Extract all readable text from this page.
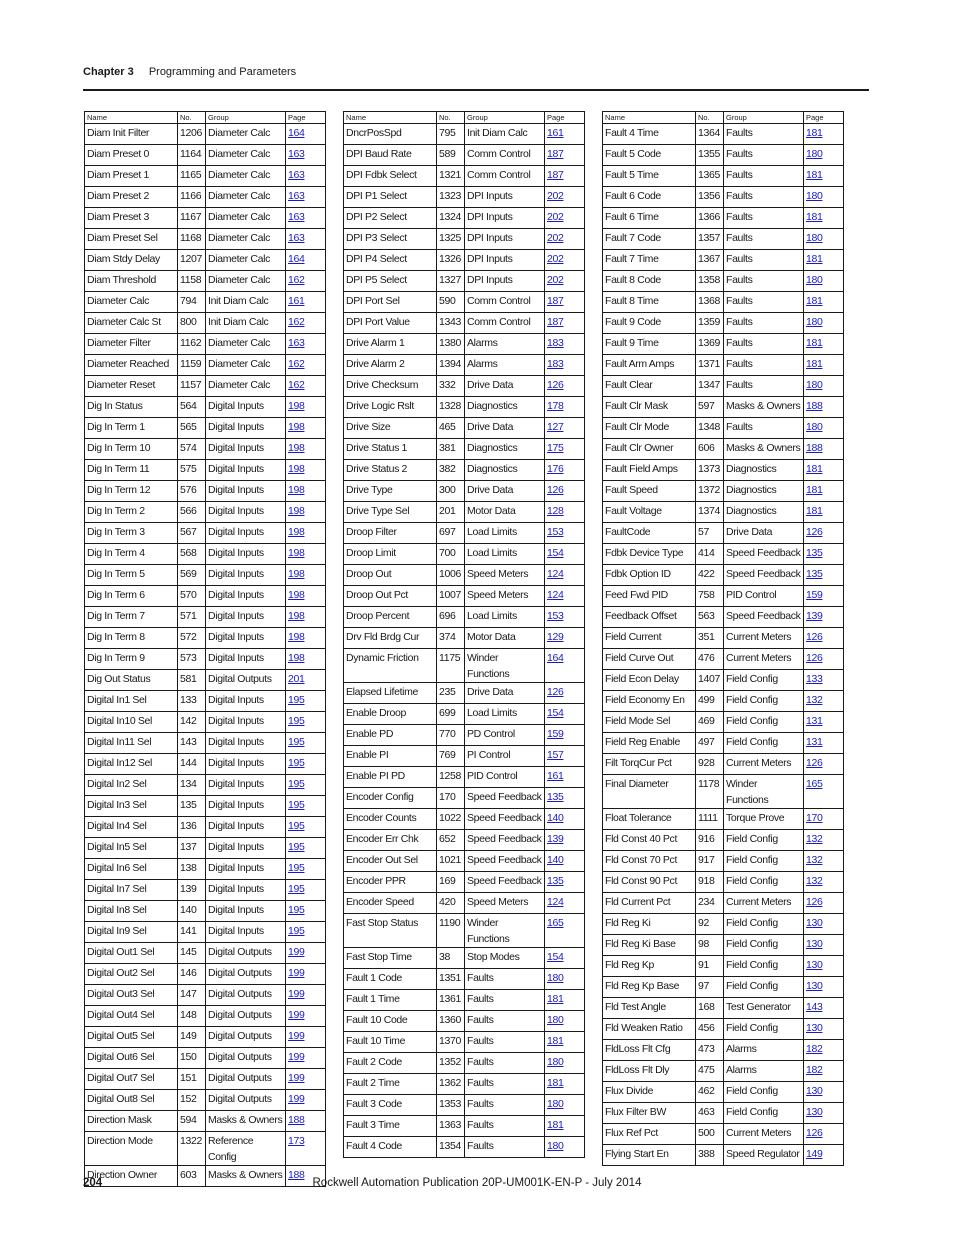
Chapter 3 Programming and Parameters
Name	No.	Group	Page
Diam Init Filter	1206	Diameter Calc	164
Diam Preset 0	1164	Diameter Calc	163
Diam Preset 1	1165	Diameter Calc	163
Diam Preset 2	1166	Diameter Calc	163
Diam Preset 3	1167	Diameter Calc	163
Diam Preset Sel	1168	Diameter Calc	163
Diam Stdy Delay	1207	Diameter Calc	164
Diam Threshold	1158	Diameter Calc	162
Diameter Calc	794	Init Diam Calc	161
Diameter Calc St	800	Init Diam Calc	162
Diameter Filter	1162	Diameter Calc	163
Diameter Reached	1159	Diameter Calc	162
Diameter Reset	1157	Diameter Calc	162
Dig In Status	564	Digital Inputs	198
Dig In Term 1	565	Digital Inputs	198
Dig In Term 10	574	Digital Inputs	198
Dig In Term 11	575	Digital Inputs	198
Dig In Term 12	576	Digital Inputs	198
Dig In Term 2	566	Digital Inputs	198
Dig In Term 3	567	Digital Inputs	198
Dig In Term 4	568	Digital Inputs	198
Dig In Term 5	569	Digital Inputs	198
Dig In Term 6	570	Digital Inputs	198
Dig In Term 7	571	Digital Inputs	198
Dig In Term 8	572	Digital Inputs	198
Dig In Term 9	573	Digital Inputs	198
Dig Out Status	581	Digital Outputs	201
Digital In1 Sel	133	Digital Inputs	195
Digital In10 Sel	142	Digital Inputs	195
Digital In11 Sel	143	Digital Inputs	195
Digital In12 Sel	144	Digital Inputs	195
Digital In2 Sel	134	Digital Inputs	195
Digital In3 Sel	135	Digital Inputs	195
Digital In4 Sel	136	Digital Inputs	195
Digital In5 Sel	137	Digital Inputs	195
Digital In6 Sel	138	Digital Inputs	195
Digital In7 Sel	139	Digital Inputs	195
Digital In8 Sel	140	Digital Inputs	195
Digital In9 Sel	141	Digital Inputs	195
Digital Out1 Sel	145	Digital Outputs	199
Digital Out2 Sel	146	Digital Outputs	199
Digital Out3 Sel	147	Digital Outputs	199
Digital Out4 Sel	148	Digital Outputs	199
Digital Out5 Sel	149	Digital Outputs	199
Digital Out6 Sel	150	Digital Outputs	199
Digital Out7 Sel	151	Digital Outputs	199
Digital Out8 Sel	152	Digital Outputs	199
Direction Mask	594	Masks & Owners	188
Direction Mode	1322	Reference Config	173
Direction Owner	603	Masks & Owners	188
Name	No.	Group	Page
DncrPosSpd	795	Init Diam Calc	161
DPI Baud Rate	589	Comm Control	187
DPI Fdbk Select	1321	Comm Control	187
DPI P1 Select	1323	DPI Inputs	202
DPI P2 Select	1324	DPI Inputs	202
DPI P3 Select	1325	DPI Inputs	202
DPI P4 Select	1326	DPI Inputs	202
DPI P5 Select	1327	DPI Inputs	202
DPI Port Sel	590	Comm Control	187
DPI Port Value	1343	Comm Control	187
Drive Alarm 1	1380	Alarms	183
Drive Alarm 2	1394	Alarms	183
Drive Checksum	332	Drive Data	126
Drive Logic Rslt	1328	Diagnostics	178
Drive Size	465	Drive Data	127
Drive Status 1	381	Diagnostics	175
Drive Status 2	382	Diagnostics	176
Drive Type	300	Drive Data	126
Drive Type Sel	201	Motor Data	128
Droop Filter	697	Load Limits	153
Droop Limit	700	Load Limits	154
Droop Out	1006	Speed Meters	124
Droop Out Pct	1007	Speed Meters	124
Droop Percent	696	Load Limits	153
Drv Fld Brdg Cur	374	Motor Data	129
Dynamic Friction	1175	Winder Functions	164
Elapsed Lifetime	235	Drive Data	126
Enable Droop	699	Load Limits	154
Enable PD	770	PD Control	159
Enable PI	769	PI Control	157
Enable PI PD	1258	PID Control	161
Encoder Config	170	Speed Feedback	135
Encoder Counts	1022	Speed Feedback	140
Encoder Err Chk	652	Speed Feedback	139
Encoder Out Sel	1021	Speed Feedback	140
Encoder PPR	169	Speed Feedback	135
Encoder Speed	420	Speed Meters	124
Fast Stop Status	1190	Winder Functions	165
Fast Stop Time	38	Stop Modes	154
Fault 1 Code	1351	Faults	180
Fault 1 Time	1361	Faults	181
Fault 10 Code	1360	Faults	180
Fault 10 Time	1370	Faults	181
Fault 2 Code	1352	Faults	180
Fault 2 Time	1362	Faults	181
Fault 3 Code	1353	Faults	180
Fault 3 Time	1363	Faults	181
Fault 4 Code	1354	Faults	180
Name	No.	Group	Page
Fault 4 Time	1364	Faults	181
Fault 5 Code	1355	Faults	180
Fault 5 Time	1365	Faults	181
Fault 6 Code	1356	Faults	180
Fault 6 Time	1366	Faults	181
Fault 7 Code	1357	Faults	180
Fault 7 Time	1367	Faults	181
Fault 8 Code	1358	Faults	180
Fault 8 Time	1368	Faults	181
Fault 9 Code	1359	Faults	180
Fault 9 Time	1369	Faults	181
Fault Arm Amps	1371	Faults	181
Fault Clear	1347	Faults	180
Fault Clr Mask	597	Masks & Owners	188
Fault Clr Mode	1348	Faults	180
Fault Clr Owner	606	Masks & Owners	188
Fault Field Amps	1373	Diagnostics	181
Fault Speed	1372	Diagnostics	181
Fault Voltage	1374	Diagnostics	181
FaultCode	57	Drive Data	126
Fdbk Device Type	414	Speed Feedback	135
Fdbk Option ID	422	Speed Feedback	135
Feed Fwd PID	758	PID Control	159
Feedback Offset	563	Speed Feedback	139
Field Current	351	Current Meters	126
Field Curve Out	476	Current Meters	126
Field Econ Delay	1407	Field Config	133
Field Economy En	499	Field Config	132
Field Mode Sel	469	Field Config	131
Field Reg Enable	497	Field Config	131
Filt TorqCur Pct	928	Current Meters	126
Final Diameter	1178	Winder Functions	165
Float Tolerance	1111	Torque Prove	170
Fld Const 40 Pct	916	Field Config	132
Fld Const 70 Pct	917	Field Config	132
Fld Const 90 Pct	918	Field Config	132
Fld Current Pct	234	Current Meters	126
Fld Reg Ki	92	Field Config	130
Fld Reg Ki Base	98	Field Config	130
Fld Reg Kp	91	Field Config	130
Fld Reg Kp Base	97	Field Config	130
Fld Test Angle	168	Test Generator	143
Fld Weaken Ratio	456	Field Config	130
FldLoss Flt Cfg	473	Alarms	182
FldLoss Flt Dly	475	Alarms	182
Flux Divide	462	Field Config	130
Flux Filter BW	463	Field Config	130
Flux Ref Pct	500	Current Meters	126
Flying Start En	388	Speed Regulator	149
204	Rockwell Automation Publication 20P-UM001K-EN-P - July 2014
